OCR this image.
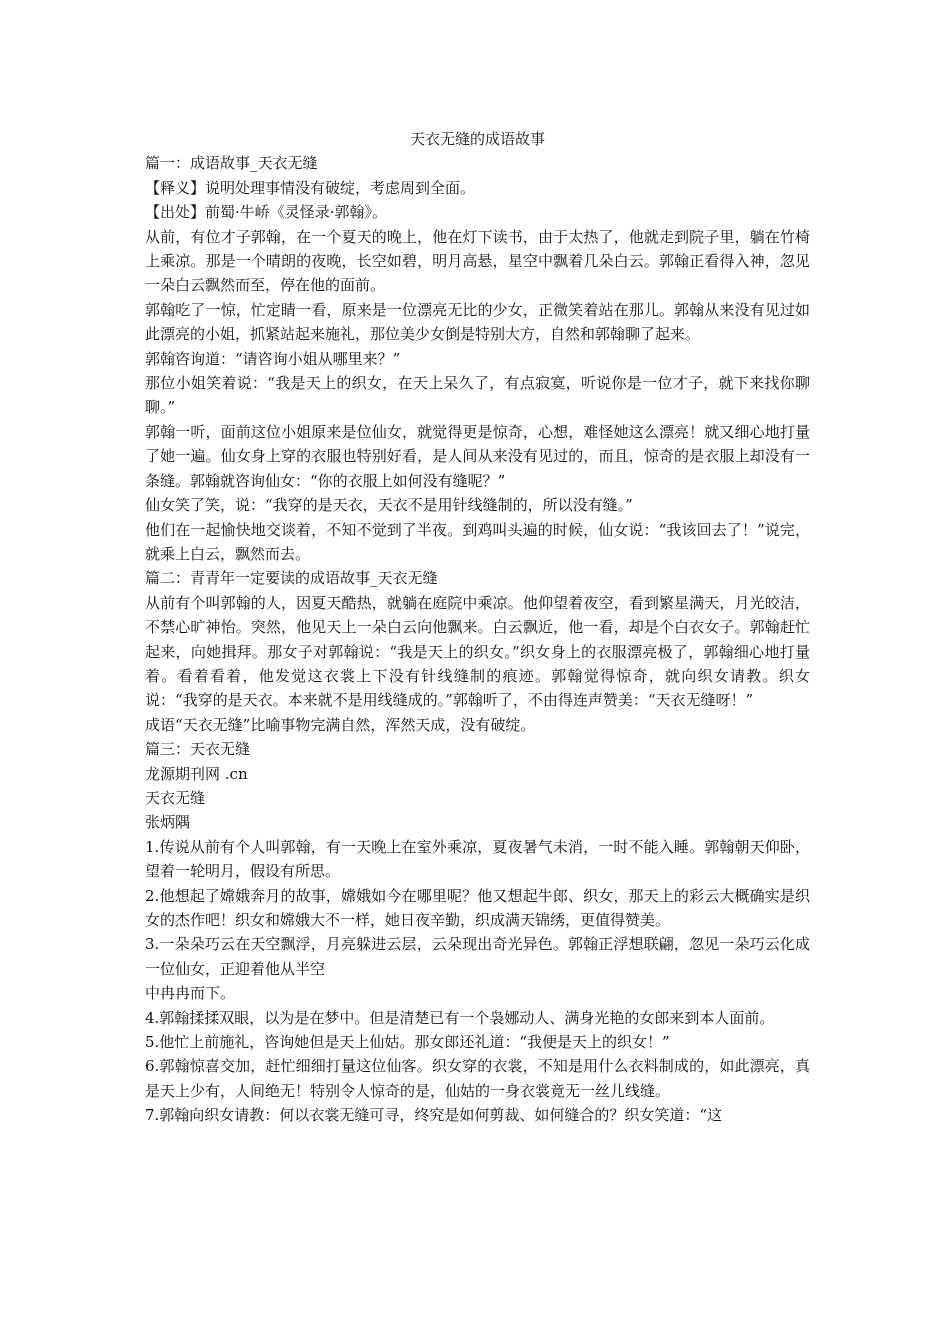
天衣无缝的成语故事

篇一：成语故事_天衣无缝

【释义】说明处理事情没有破绽，考虑周到全面。

【出处】前蜀·牛峤《灵怪录·郭翰》。

从前，有位才子郭翰，在一个夏天的晚上，他在灯下读书，由于太热了，他就走到院子里，躺在竹椅上乘凉。那是一个晴朗的夜晚，长空如碧，明月高悬，星空中飘着几朵白云。郭翰正看得入神，忽见一朵白云飘然而至，停在他的面前。

郭翰吃了一惊，忙定睛一看，原来是一位漂亮无比的少女，正微笑着站在那儿。郭翰从来没有见过如此漂亮的小姐，抓紧站起来施礼，那位美少女倒是特别大方，自然和郭翰聊了起来。

郭翰咨询道：“请咨询小姐从哪里来？”

那位小姐笑着说：“我是天上的织女，在天上呆久了，有点寂寞，听说你是一位才子，就下来找你聊聊。”

郭翰一听，面前这位小姐原来是位仙女，就觉得更是惊奇，心想，难怪她这么漂亮！就又细心地打量了她一遍。仙女身上穿的衣服也特别好看，是人间从来没有见过的，而且，惊奇的是衣服上却没有一条缝。郭翰就咨询仙女：“你的衣服上如何没有缝呢？”

仙女笑了笑，说：“我穿的是天衣，天衣不是用针线缝制的，所以没有缝。”

他们在一起愉快地交谈着，不知不觉到了半夜。到鸡叫头遍的时候，仙女说：“我该回去了！”说完，就乘上白云，飘然而去。

篇二：青青年一定要读的成语故事_天衣无缝

从前有个叫郭翰的人，因夏天酷热，就躺在庭院中乘凉。他仰望着夜空，看到繁星满天，月光皎洁，不禁心旷神怡。突然，他见天上一朵白云向他飘来。白云飘近，他一看，却是个白衣女子。郭翰赶忙起来，向她揖拜。那女子对郭翰说：“我是天上的织女。”织女身上的衣服漂亮极了，郭翰细心地打量着。看着看着，他发觉这衣裳上下没有针线缝制的痕迹。郭翰觉得惊奇，就向织女请教。织女说：“我穿的是天衣。本来就不是用线缝成的。”郭翰听了，不由得连声赞美：“天衣无缝呀！”

成语“天衣无缝”比喻事物完满自然，浑然天成，没有破绽。

篇三：天衣无缝

龙源期刊网 .cn

天衣无缝

张炳隅

1.传说从前有个人叫郭翰，有一天晚上在室外乘凉，夏夜暑气未消，一时不能入睡。郭翰朝天仰卧，望着一轮明月，假设有所思。

2.他想起了嫦娥奔月的故事，嫦娥如今在哪里呢？他又想起牛郎、织女，那天上的彩云大概确实是织女的杰作吧！织女和嫦娥大不一样，她日夜辛勤，织成满天锦绣，更值得赞美。

3.一朵朵巧云在天空飘浮，月亮躲进云层，云朵现出奇光异色。郭翰正浮想联翩，忽见一朵巧云化成一位仙女，正迎着他从半空

中冉冉而下。

4.郭翰揉揉双眼，以为是在梦中。但是清楚已有一个袅娜动人、满身光艳的女郎来到本人面前。

5.他忙上前施礼，咨询她但是天上仙姑。那女郎还礼道：“我便是天上的织女！”

6.郭翰惊喜交加，赶忙细细打量这位仙客。织女穿的衣裳，不知是用什么衣料制成的，如此漂亮，真是天上少有，人间绝无！特别令人惊奇的是，仙姑的一身衣裳竟无一丝儿线缝。

7.郭翰向织女请教：何以衣裳无缝可寻，终究是如何剪裁、如何缝合的？织女笑道：“这
